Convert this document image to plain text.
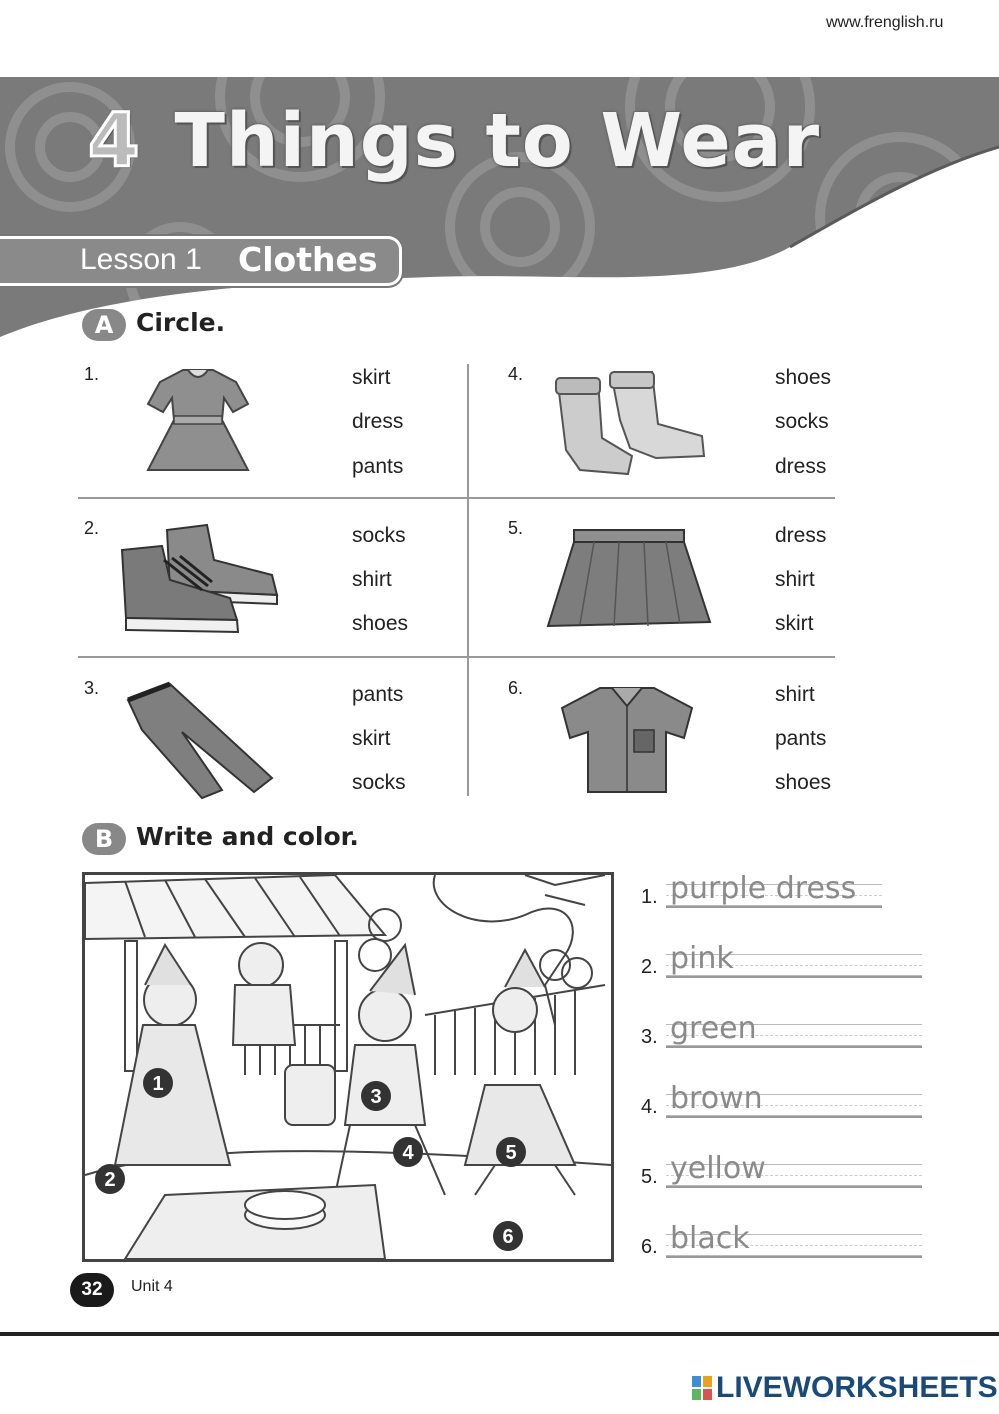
www.frenglish.ru
4 Things to Wear
Lesson 1 Clothes
A Circle.
1.	skirt
dress
pants
2.	socks
shirt
shoes
3.	pants
skirt
socks
4.	shoes
socks
dress
5.	dress
shirt
skirt
6.	shirt
pants
shoes
B Write and color.
1
2
3
4	5
6
1. purple dress
2. pink
3. green
4. brown
5. yellow
6. black
32	Unit 4
LIVEWORKSHEETS
